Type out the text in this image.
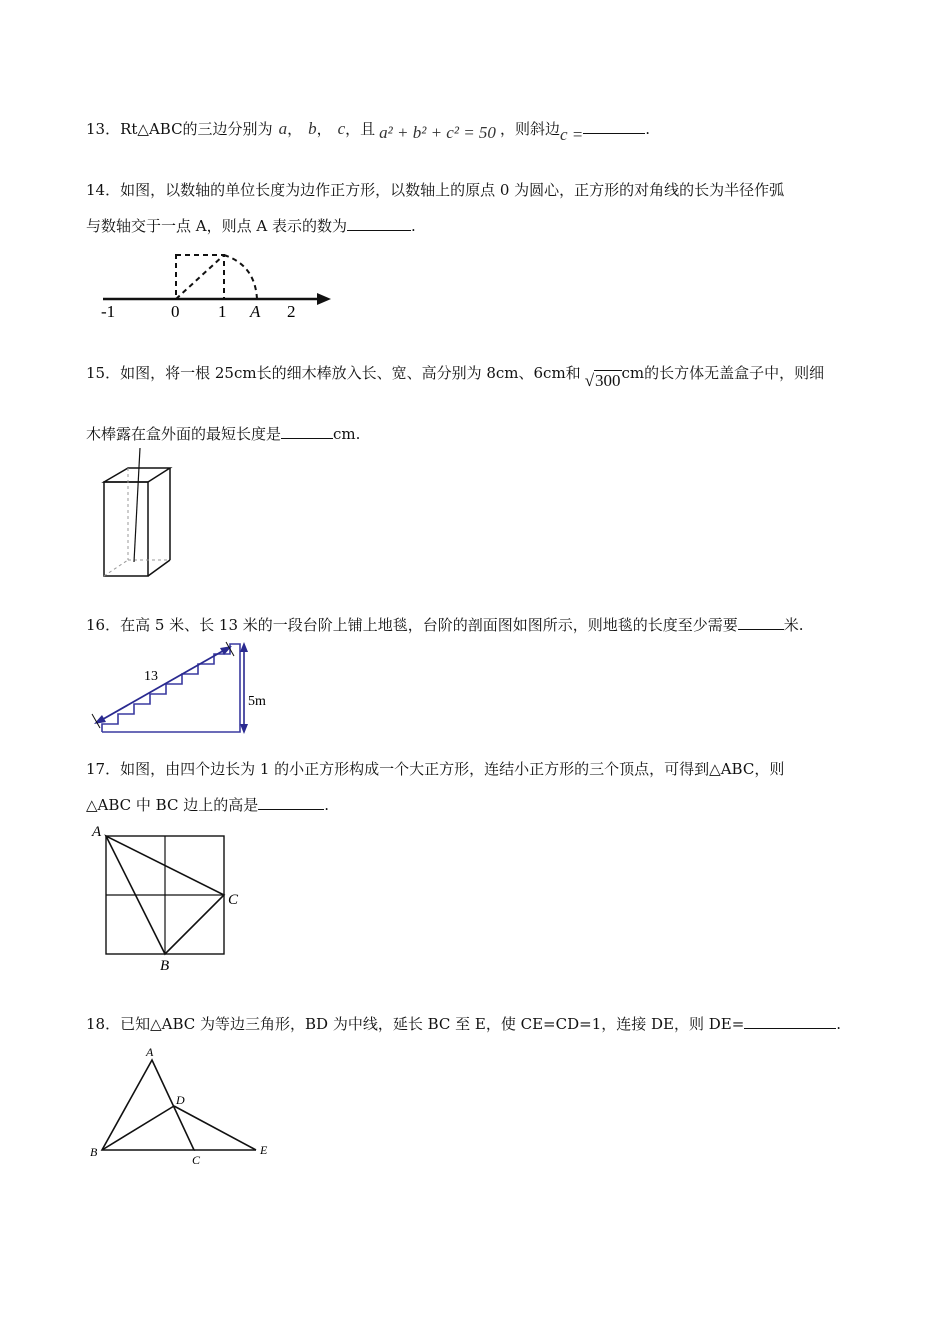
13．Rt△ABC的三边分别为 a， b， c，且 a² + b² + c² = 50 ，则斜边c =	.
14．如图，以数轴的单位长度为边作正方形，以数轴上的原点 0 为圆心，正方形的对角线的长为半径作弧
与数轴交于一点 A，则点 A 表示的数为	.
-1	0 1 A 2
15．如图，将一根 25cm长的细木棒放入长、宽、高分别为 8cm、6cm和 √300cm的长方体无盖盒子中，则细
木棒露在盒外面的最短长度是	cm.
16．在高 5 米、长 13 米的一段台阶上铺上地毯，台阶的剖面图如图所示，则地毯的长度至少需要	米.
13
5m
17．如图，由四个边长为 1 的小正方形构成一个大正方形，连结小正方形的三个顶点，可得到△ABC，则
△ABC 中 BC 边上的高是	.
A
B
C
18．已知△ABC 为等边三角形，BD 为中线，延长 BC 至 E，使 CE=CD=1，连接 DE，则 DE=	.
A
B
C
D
E
